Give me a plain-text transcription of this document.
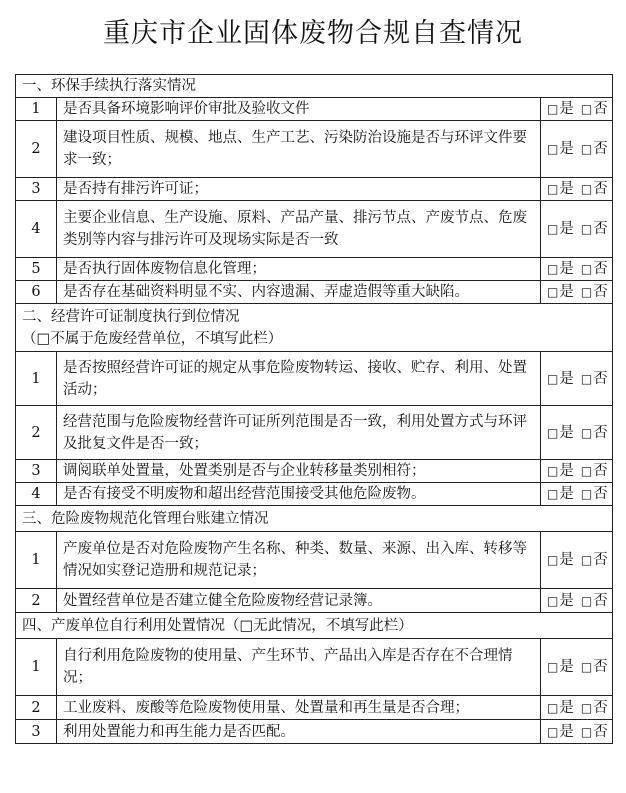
重庆市企业固体废物合规自查情况
一、环保手续执行落实情况		
1	是否具备环境影响评价审批及验收文件	□是 □否
2	建设项目性质、规模、地点、生产工艺、污染防治设施是否与环评文件要求一致；	□是 □否
3	是否持有排污许可证；	□是 □否
4	主要企业信息、生产设施、原料、产品产量、排污节点、产废节点、危废类别等内容与排污许可及现场实际是否一致	□是 □否
5	是否执行固体废物信息化管理；	□是 □否
6	是否存在基础资料明显不实、内容遗漏、弄虚造假等重大缺陷。	□是 □否

二、经营许可证制度执行到位情况
（□不属于危废经营单位，不填写此栏）		

1	是否按照经营许可证的规定从事危险废物转运、接收、贮存、利用、处置活动；	□是 □否
2	经营范围与危险废物经营许可证所列范围是否一致，利用处置方式与环评及批复文件是否一致；	□是 □否
3	调阅联单处置量，处置类别是否与企业转移量类别相符；	□是 □否
4	是否有接受不明废物和超出经营范围接受其他危险废物。	□是 □否
三、危险废物规范化管理台账建立情况		
1	产废单位是否对危险废物产生名称、种类、数量、来源、出入库、转移等情况如实登记造册和规范记录；	□是 □否
2	处置经营单位是否建立健全危险废物经营记录簿。	□是 □否
四、产废单位自行利用处置情况（□无此情况，不填写此栏）		
1	自行利用危险废物的使用量、产生环节、产品出入库是否存在不合理情况；	□是 □否
2	工业废料、废酸等危险废物使用量、处置量和再生量是否合理；	□是 □否
3	利用处置能力和再生能力是否匹配。	□是 □否
